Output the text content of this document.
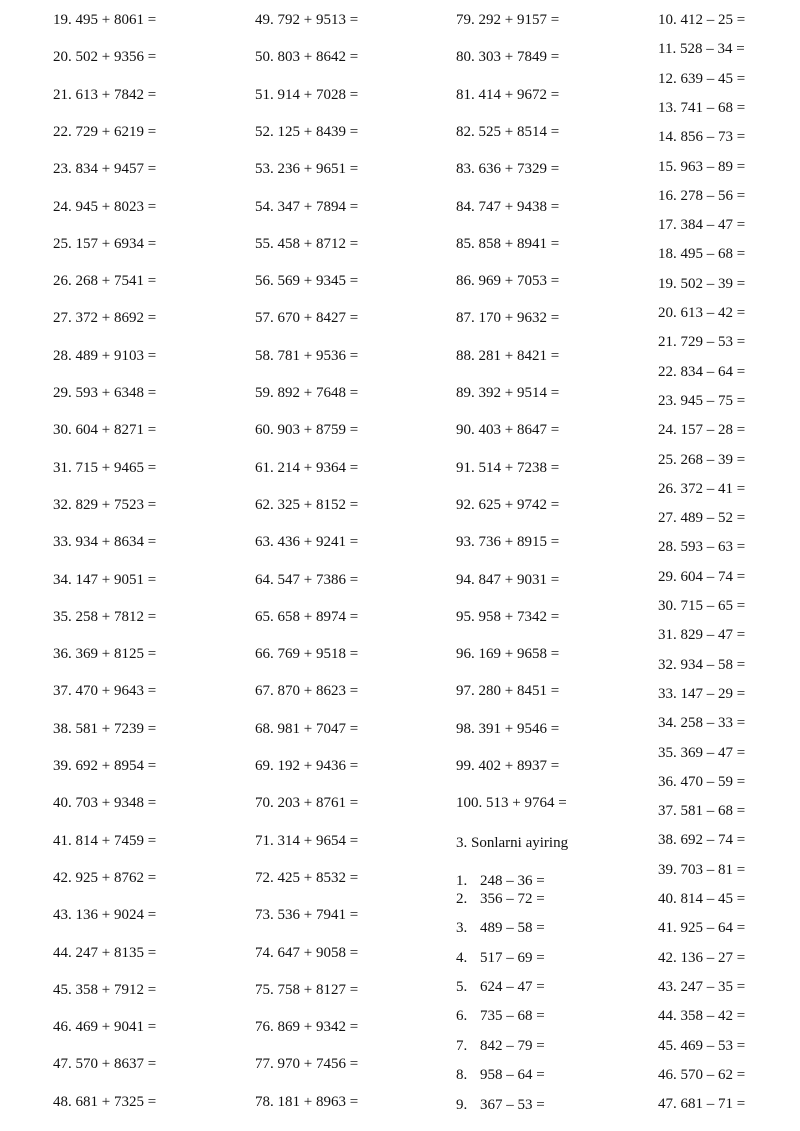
19. 495 + 8061 =
20. 502 + 9356 =
21. 613 + 7842 =
22. 729 + 6219 =
23. 834 + 9457 =
24. 945 + 8023 =
25. 157 + 6934 =
26. 268 + 7541 =
27. 372 + 8692 =
28. 489 + 9103 =
29. 593 + 6348 =
30. 604 + 8271 =
31. 715 + 9465 =
32. 829 + 7523 =
33. 934 + 8634 =
34. 147 + 9051 =
35. 258 + 7812 =
36. 369 + 8125 =
37. 470 + 9643 =
38. 581 + 7239 =
39. 692 + 8954 =
40. 703 + 9348 =
41. 814 + 7459 =
42. 925 + 8762 =
43. 136 + 9024 =
44. 247 + 8135 =
45. 358 + 7912 =
46. 469 + 9041 =
47. 570 + 8637 =
48. 681 + 7325 =
49. 792 + 9513 =
50. 803 + 8642 =
51. 914 + 7028 =
52. 125 + 8439 =
53. 236 + 9651 =
54. 347 + 7894 =
55. 458 + 8712 =
56. 569 + 9345 =
57. 670 + 8427 =
58. 781 + 9536 =
59. 892 + 7648 =
60. 903 + 8759 =
61. 214 + 9364 =
62. 325 + 8152 =
63. 436 + 9241 =
64. 547 + 7386 =
65. 658 + 8974 =
66. 769 + 9518 =
67. 870 + 8623 =
68. 981 + 7047 =
69. 192 + 9436 =
70. 203 + 8761 =
71. 314 + 9654 =
72. 425 + 8532 =
73. 536 + 7941 =
74. 647 + 9058 =
75. 758 + 8127 =
76. 869 + 9342 =
77. 970 + 7456 =
78. 181 + 8963 =
3. Sonlarni ayiring
1. 248 – 36 =
2. 356 – 72 =
3. 489 – 58 =
4. 517 – 69 =
5. 624 – 47 =
6. 735 – 68 =
7. 842 – 79 =
8. 958 – 64 =
9. 367 – 53 =
79. 292 + 9157 =
80. 303 + 7849 =
81. 414 + 9672 =
82. 525 + 8514 =
83. 636 + 7329 =
84. 747 + 9438 =
85. 858 + 8941 =
86. 969 + 7053 =
87. 170 + 9632 =
88. 281 + 8421 =
89. 392 + 9514 =
90. 403 + 8647 =
91. 514 + 7238 =
92. 625 + 9742 =
93. 736 + 8915 =
94. 847 + 9031 =
95. 958 + 7342 =
96. 169 + 9658 =
97. 280 + 8451 =
98. 391 + 9546 =
99. 402 + 8937 =
100. 513 + 9764 =
10. 412 – 25 =
11. 528 – 34 =
12. 639 – 45 =
13. 741 – 68 =
14. 856 – 73 =
15. 963 – 89 =
16. 278 – 56 =
17. 384 – 47 =
18. 495 – 68 =
19. 502 – 39 =
20. 613 – 42 =
21. 729 – 53 =
22. 834 – 64 =
23. 945 – 75 =
24. 157 – 28 =
25. 268 – 39 =
26. 372 – 41 =
27. 489 – 52 =
28. 593 – 63 =
29. 604 – 74 =
30. 715 – 65 =
31. 829 – 47 =
32. 934 – 58 =
33. 147 – 29 =
34. 258 – 33 =
35. 369 – 47 =
36. 470 – 59 =
37. 581 – 68 =
38. 692 – 74 =
39. 703 – 81 =
40. 814 – 45 =
41. 925 – 64 =
42. 136 – 27 =
43. 247 – 35 =
44. 358 – 42 =
45. 469 – 53 =
46. 570 – 62 =
47. 681 – 71 =
